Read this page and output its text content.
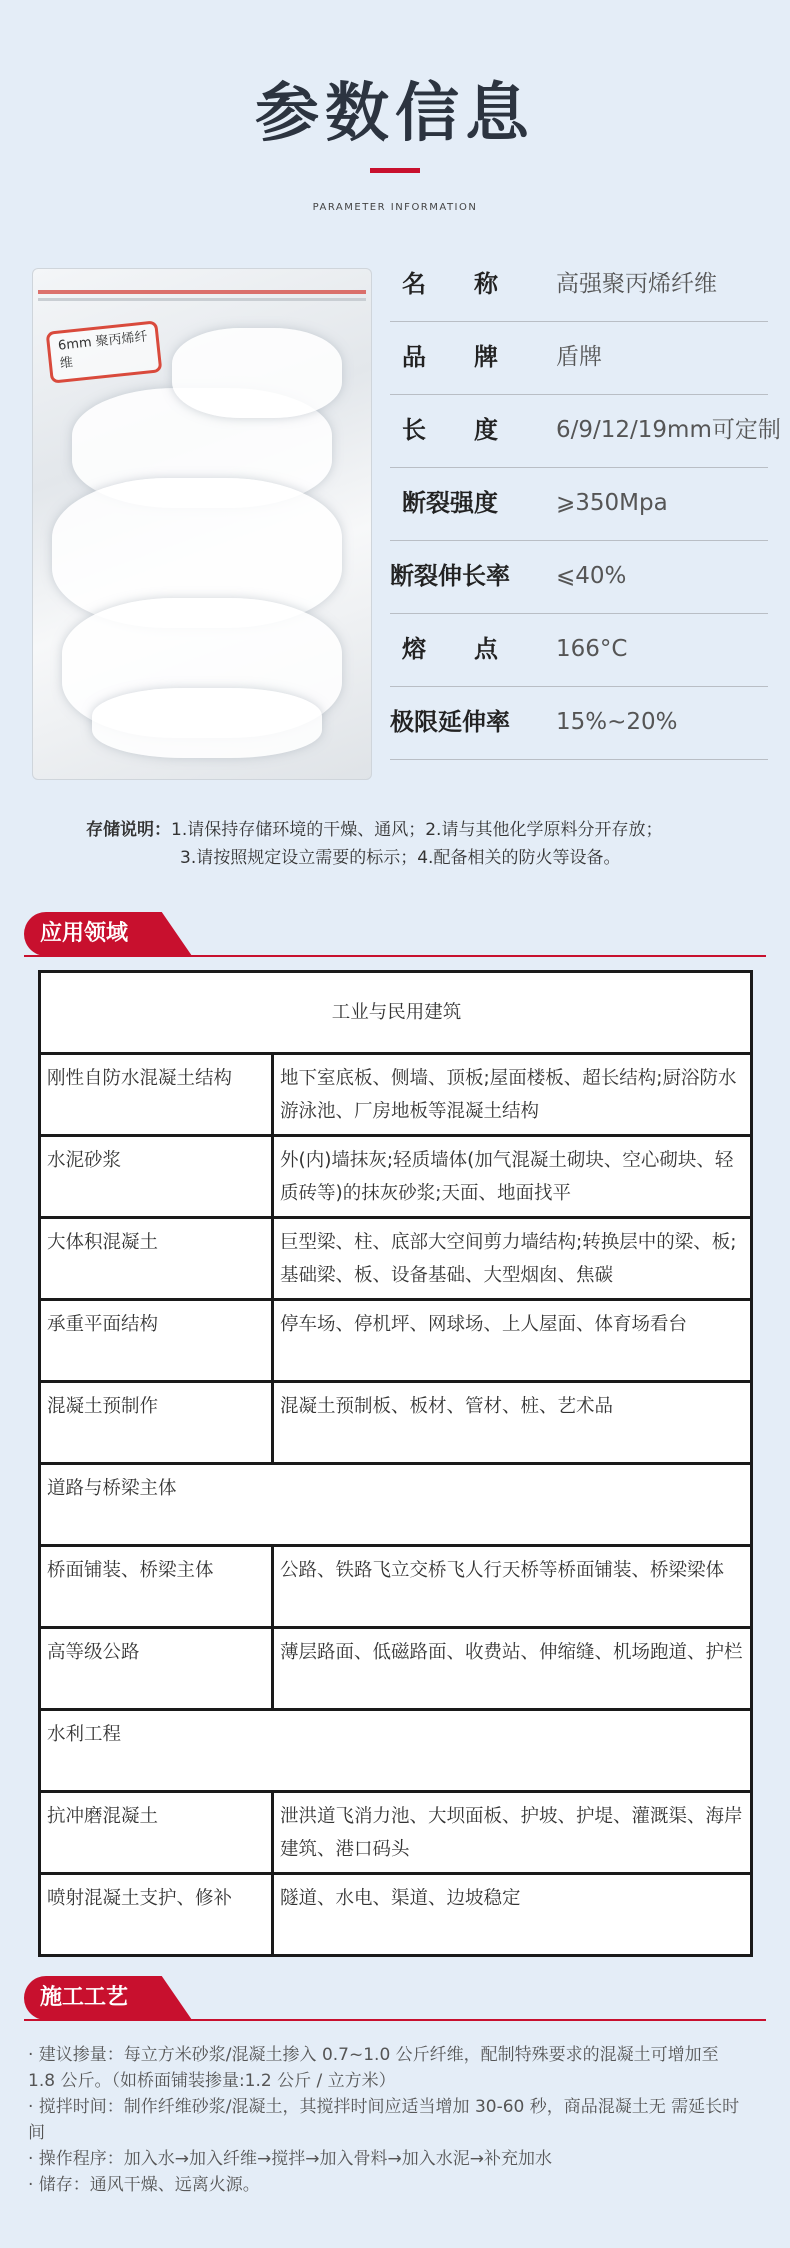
参数信息
PARAMETER INFORMATION
6mm 聚丙烯纤维
名　　称	高强聚丙烯纤维
品　　牌	盾牌
长　　度	6/9/12/19mm可定制
断裂强度	⩾350Mpa
断裂伸长率 ⩽40%
熔　　点	166°C
极限延伸率 15%~20%
存储说明：1.请保持存储环境的干燥、通风；2.请与其他化学原料分开存放；
3.请按照规定设立需要的标示；4.配备相关的防火等设备。
应用领域
工业与民用建筑	
刚性自防水混凝土结构	地下室底板、侧墙、顶板;屋面楼板、超长结构;厨浴防水游泳池、厂房地板等混凝土结构
水泥砂浆	外(内)墙抹灰;轻质墙体(加气混凝土砌块、空心砌块、轻质砖等)的抹灰砂浆;天面、地面找平
大体积混凝土	巨型梁、柱、底部大空间剪力墙结构;转换层中的梁、板;基础梁、板、设备基础、大型烟囱、焦碳
承重平面结构	停车场、停机坪、网球场、上人屋面、体育场看台
混凝土预制作	混凝土预制板、板材、管材、桩、艺术品
道路与桥梁主体	
桥面铺装、桥梁主体	公路、铁路飞立交桥飞人行天桥等桥面铺装、桥梁梁体
高等级公路	薄层路面、低磁路面、收费站、伸缩缝、机场跑道、护栏
水利工程	
抗冲磨混凝土	泄洪道飞消力池、大坝面板、护坡、护堤、灌溉渠、海岸建筑、港口码头
喷射混凝土支护、修补	隧道、水电、渠道、边坡稳定
施工工艺

· 建议掺量：每立方米砂浆/混凝土掺入 0.7~1.0 公斤纤维，配制特殊要求的混凝土可增加至 1.8 公斤。（如桥面铺装掺量:1.2 公斤 / 立方米）

· 搅拌时间：制作纤维砂浆/混凝土，其搅拌时间应适当增加 30-60 秒，商品混凝土无 需延长时间

· 操作程序：加入水→加入纤维→搅拌→加入骨料→加入水泥→补充加水

· 储存：通风干燥、远离火源。
